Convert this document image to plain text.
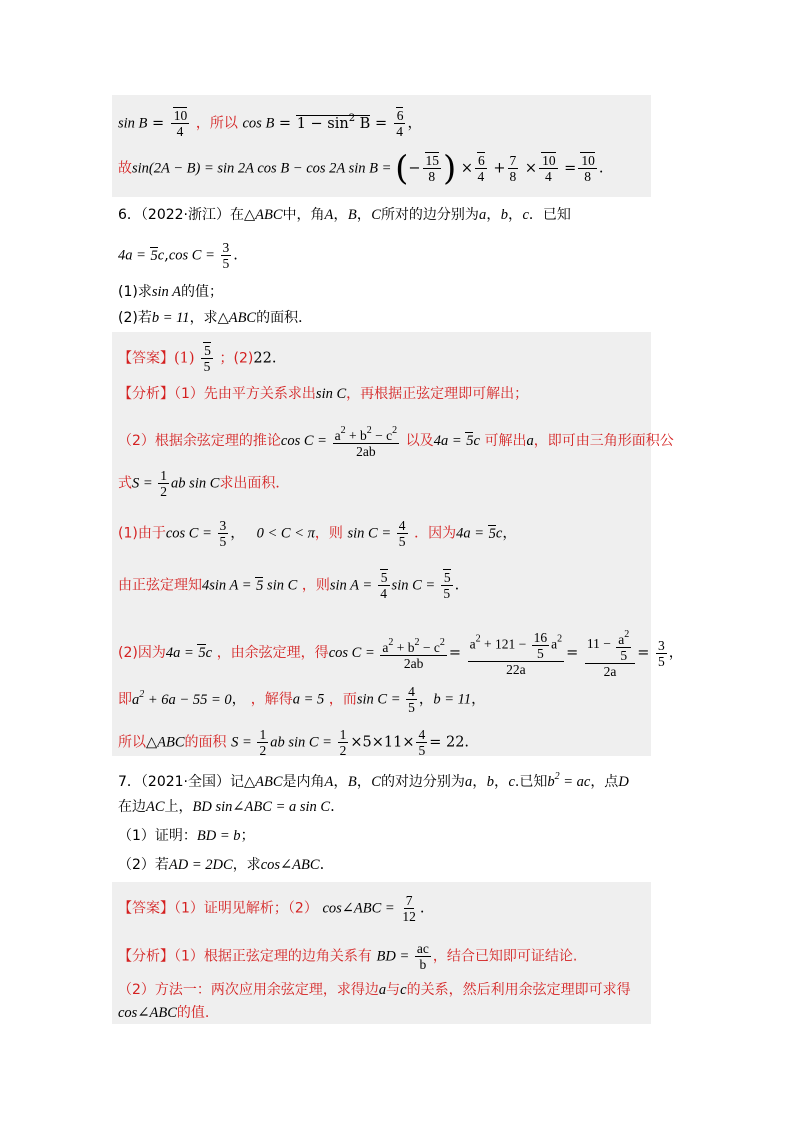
$\sin B = \frac{10}{4}$ ，所以 $\cos B = 1 - \sin^2 B = \frac{6}{4}$ ，
故sin(2A − B) = sin 2A cos B − cos 2A sin B = (− $\frac{15}{8}$ ) × $\frac{6}{4} + \frac{7}{8} \times \frac{10}{4} = \frac{10}{8}$ .
6．（2022·浙江）在△ABC中，角A，B，C所对的边分别为a，b，c．已知
4a = 5c,cos $C = \frac{3}{5}$ .
(1)求sin A的值；
(2)若b = 11，求△ABC的面积．
【答案】$(1) \frac{5}{5}$ ；(2)22.
【分析】（1）先由平方关系求出sin C，再根据正弦定理即可解出；
（2）根据余弦定理的推论$\cos C = \frac{a^2 + b^2 - c^2}{2ab}$ 以及4a = 5c 可解出a，即可由三角形面积公
式$S = \frac{1}{2}$ ab sin C求出面积．
(1)由于$\cos C = \frac{3}{5}$ ，   0 < C < π，则 $\sin C = \frac{4}{5}$ ．因为4a = 5c，
由正弦定理知4sin A = 5 sin C ，则$\sin A = \frac{5}{4}$ $\sin C = \frac{5}{5}$ .
(2)因为4a = 5c ，由余弦定理，得$\cos C = \frac{a^2 + b^2 - c^2}{2ab} = \frac{a^2 + 121 - \frac{16}{5} a^2}{22a} = \frac{11 - \frac{a^2}{5}}{2a} = \frac{3}{5}$ ，
即$a^2 + 6a - 55 = 0$， ，解得a = 5 ，而$\sin C = \frac{4}{5}$ ，b = 11，
所以△ABC的面积 $S = \frac{1}{2}$ ab $\sin C = \frac{1}{2} \times 5\times 11\times \frac{4}{5} = 22$.
7．（2021·全国）记△ABC是内角A，B，C的对边分别为a，b，c.已知$b^2$ = ac，点D
在边AC上，BD sin∠ABC = a sin C.
（1）证明：BD = b；
（2）若AD = 2DC，求cos∠ABC.
【答案】（1）证明见解析；（2） cos∠ABC = $\frac{7}{12}$ .
【分析】（1）根据正弦定理的边角关系有 BD = $\frac{ac}{b}$ ，结合已知即可证结论.
（2）方法一：两次应用余弦定理，求得边a与c的关系，然后利用余弦定理即可求得
cos∠ABC的值.
